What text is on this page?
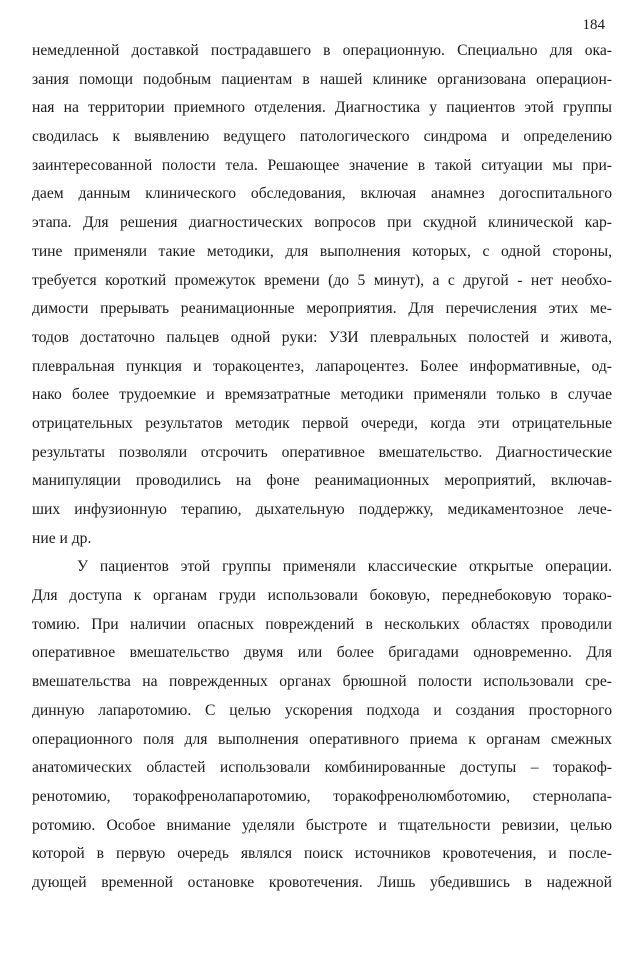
184
немедленной доставкой пострадавшего в операционную. Специально для ока-
зания помощи подобным пациентам в нашей клинике организована операцион-
ная на территории приемного отделения. Диагностика у пациентов этой группы
сводилась к выявлению ведущего патологического синдрома и определению
заинтересованной полости тела. Решающее значение в такой ситуации мы при-
даем данным клинического обследования, включая анамнез догоспитального
этапа. Для решения диагностических вопросов при скудной клинической кар-
тине применяли такие методики, для выполнения которых, с одной стороны,
требуется короткий промежуток времени (до 5 минут), а с другой - нет необхо-
димости прерывать реанимационные мероприятия. Для перечисления этих ме-
тодов достаточно пальцев одной руки: УЗИ плевральных полостей и живота,
плевральная пункция и торакоцентез, лапароцентез. Более информативные, од-
нако более трудоемкие и времязатратные методики применяли только в случае
отрицательных результатов методик первой очереди, когда эти отрицательные
результаты позволяли отсрочить оперативное вмешательство. Диагностические
манипуляции проводились на фоне реанимационных мероприятий, включав-
ших инфузионную терапию, дыхательную поддержку, медикаментозное лече-
ние и др.
У пациентов этой группы применяли классические открытые операции.
Для доступа к органам груди использовали боковую, переднебоковую торако-
томию. При наличии опасных повреждений в нескольких областях проводили
оперативное вмешательство двумя или более бригадами одновременно. Для
вмешательства на поврежденных органах брюшной полости использовали сре-
динную лапаротомию. С целью ускорения подхода и создания просторного
операционного поля для выполнения оперативного приема к органам смежных
анатомических областей использовали комбинированные доступы – торакоф-
ренотомию, торакофренолапаротомию, торакофренолюмботомию, стернолапа-
ротомию. Особое внимание уделяли быстроте и тщательности ревизии, целью
которой в первую очередь являлся поиск источников кровотечения, и после-
дующей временной остановке кровотечения. Лишь убедившись в надежной
